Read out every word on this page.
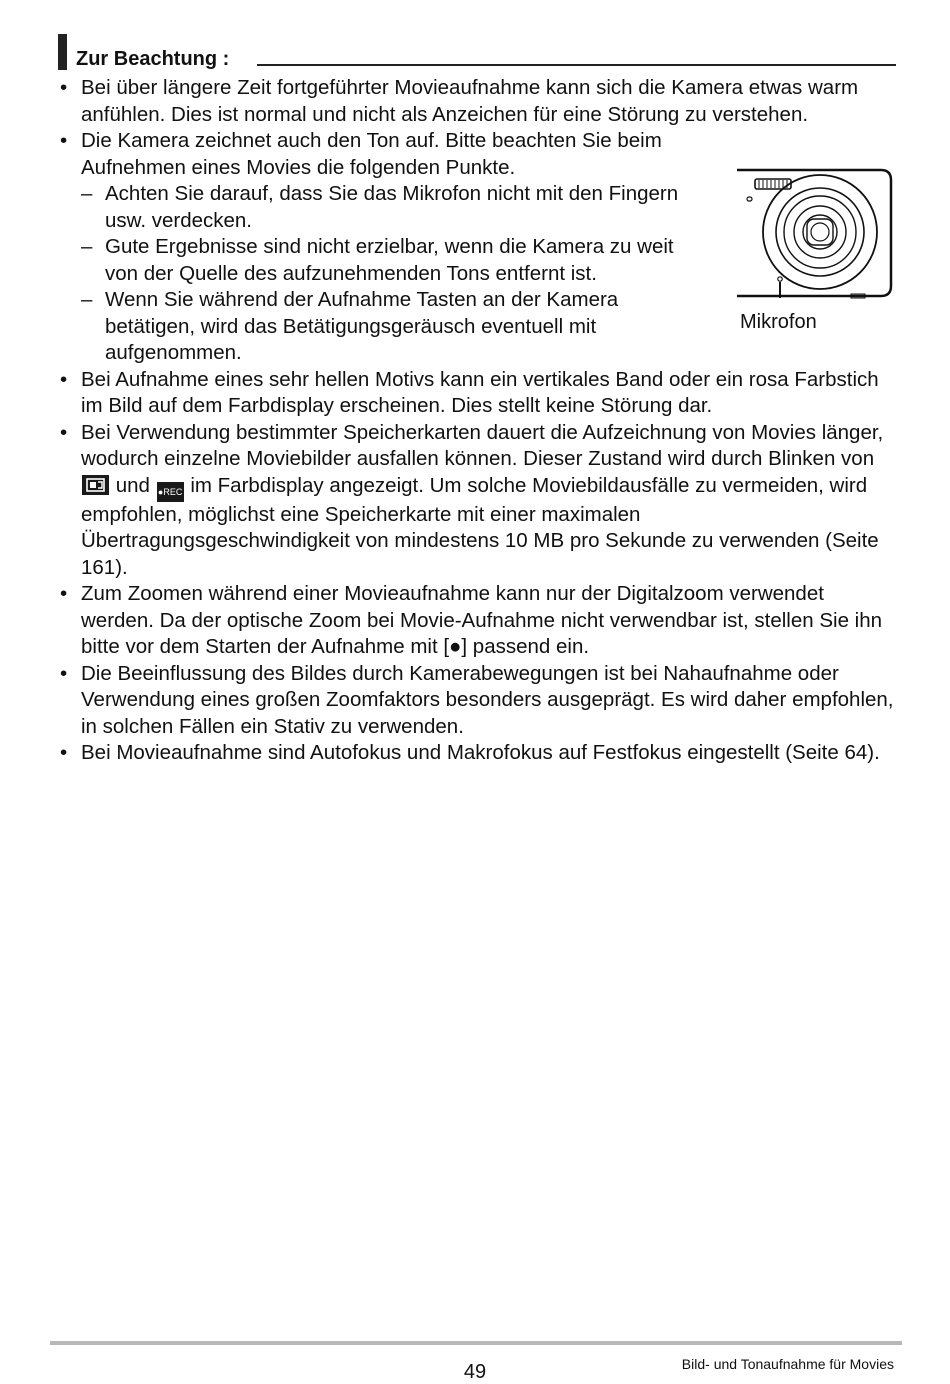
Zur Beachtung :

• Bei über längere Zeit fortgeführter Movieaufnahme kann sich die Kamera etwas warm anfühlen. Dies ist normal und nicht als Anzeichen für eine Störung zu verstehen.

• Die Kamera zeichnet auch den Ton auf. Bitte beachten Sie beim Aufnehmen eines Movies die folgenden Punkte.

– Achten Sie darauf, dass Sie das Mikrofon nicht mit den Fingern usw. verdecken.

– Gute Ergebnisse sind nicht erzielbar, wenn die Kamera zu weit von der Quelle des aufzunehmenden Tons entfernt ist.

– Wenn Sie während der Aufnahme Tasten an der Kamera betätigen, wird das Betätigungsgeräusch eventuell mit aufgenommen.

• Bei Aufnahme eines sehr hellen Motivs kann ein vertikales Band oder ein rosa Farbstich im Bild auf dem Farbdisplay erscheinen. Dies stellt keine Störung dar.

• Bei Verwendung bestimmter Speicherkarten dauert die Aufzeichnung von Movies länger, wodurch einzelne Moviebilder ausfallen können. Dieser Zustand wird durch Blinken von
und ●REC im Farbdisplay angezeigt. Um solche Moviebildausfälle zu vermeiden, wird empfohlen, möglichst eine Speicherkarte mit einer maximalen Übertragungsgeschwindigkeit von mindestens 10 MB pro Sekunde zu verwenden (Seite 161).

• Zum Zoomen während einer Movieaufnahme kann nur der Digitalzoom verwendet werden. Da der optische Zoom bei Movie-Aufnahme nicht verwendbar ist, stellen Sie ihn bitte vor dem Starten der Aufnahme mit [●] passend ein.

• Die Beeinflussung des Bildes durch Kamerabewegungen ist bei Nahaufnahme oder Verwendung eines großen Zoomfaktors besonders ausgeprägt. Es wird daher empfohlen, in solchen Fällen ein Stativ zu verwenden.

• Bei Movieaufnahme sind Autofokus und Makrofokus auf Festfokus eingestellt (Seite 64).

Mikrofon
49	Bild- und Tonaufnahme für Movies
